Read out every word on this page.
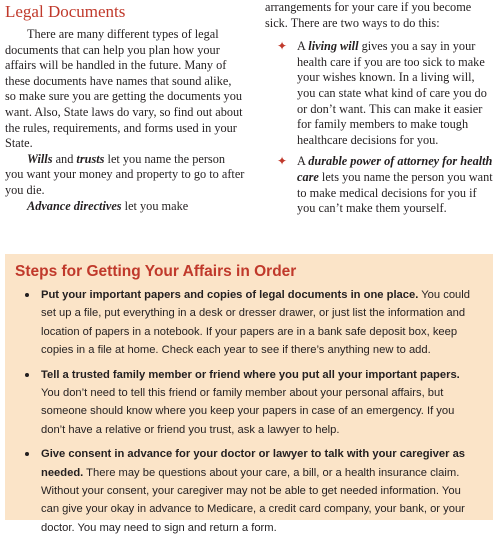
Legal Documents

There are many different types of legal documents that can help you plan how your affairs will be handled in the future. Many of these documents have names that sound alike, so make sure you are getting the documents you want. Also, State laws do vary, so find out about the rules, requirements, and forms used in your State.

Wills and trusts let you name the person you want your money and property to go to after you die.

Advance directives let you make

arrangements for your care if you become sick. There are two ways to do this:

✦ A living will gives you a say in your health care if you are too sick to make your wishes known. In a living will, you can state what kind of care you do or don’t want. This can make it easier for family members to make tough healthcare decisions for you.
✦ A durable power of attorney for health care lets you name the person you want to make medical decisions for you if you can’t make them yourself.
Steps for Getting Your Affairs in Order
Put your important papers and copies of legal documents in one place. You could set up a file, put everything in a desk or dresser drawer, or just list the information and location of papers in a notebook. If your papers are in a bank safe deposit box, keep copies in a file at home. Check each year to see if there’s anything new to add.
Tell a trusted family member or friend where you put all your important papers. You don’t need to tell this friend or family member about your personal affairs, but someone should know where you keep your papers in case of an emergency. If you don’t have a relative or friend you trust, ask a lawyer to help.
Give consent in advance for your doctor or lawyer to talk with your caregiver as needed. There may be questions about your care, a bill, or a health insurance claim. Without your consent, your caregiver may not be able to get needed information. You can give your okay in advance to Medicare, a credit card company, your bank, or your doctor. You may need to sign and return a form.
